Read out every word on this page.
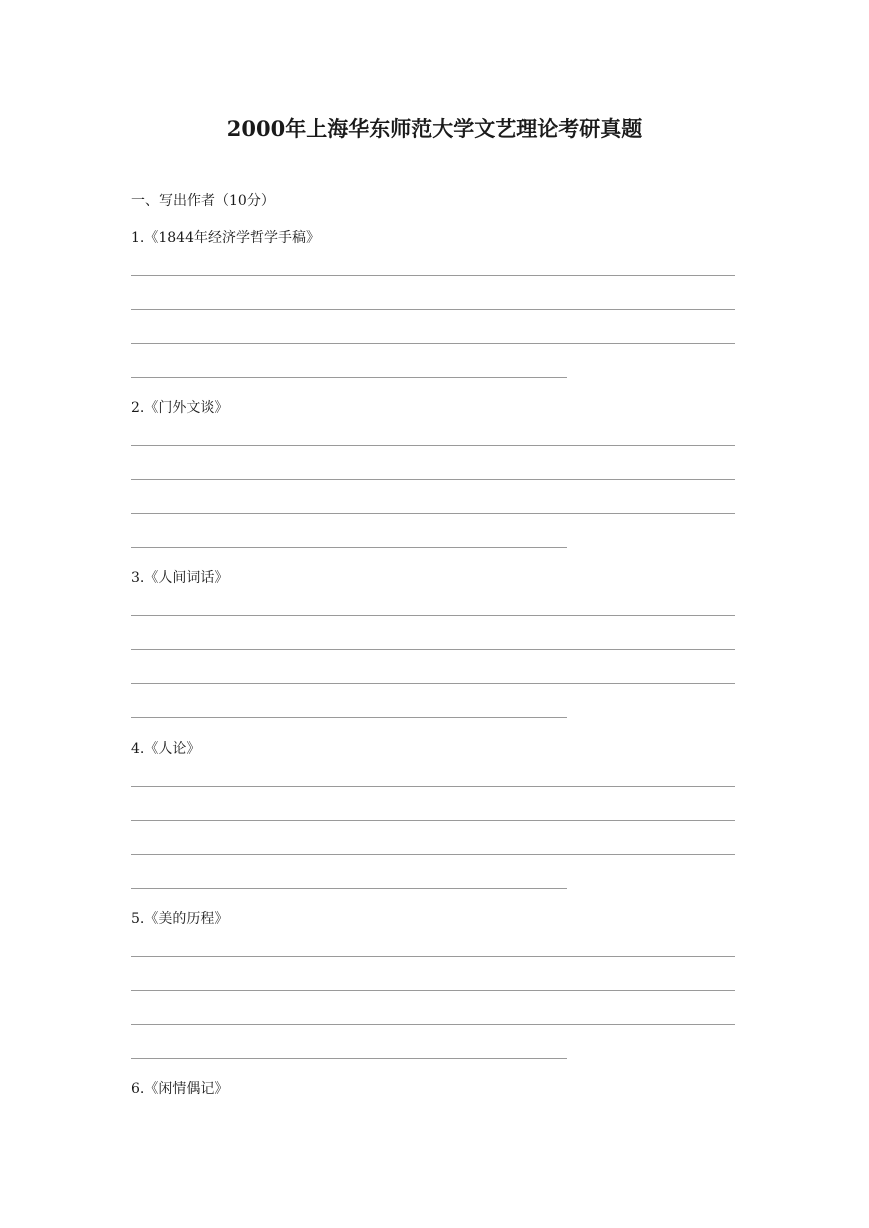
2000年上海华东师范大学文艺理论考研真题

一、写出作者（10分）

1.《1844年经济学哲学手稿》
2.《门外文谈》
3.《人间词话》
4.《人论》
5.《美的历程》
6.《闲情偶记》
